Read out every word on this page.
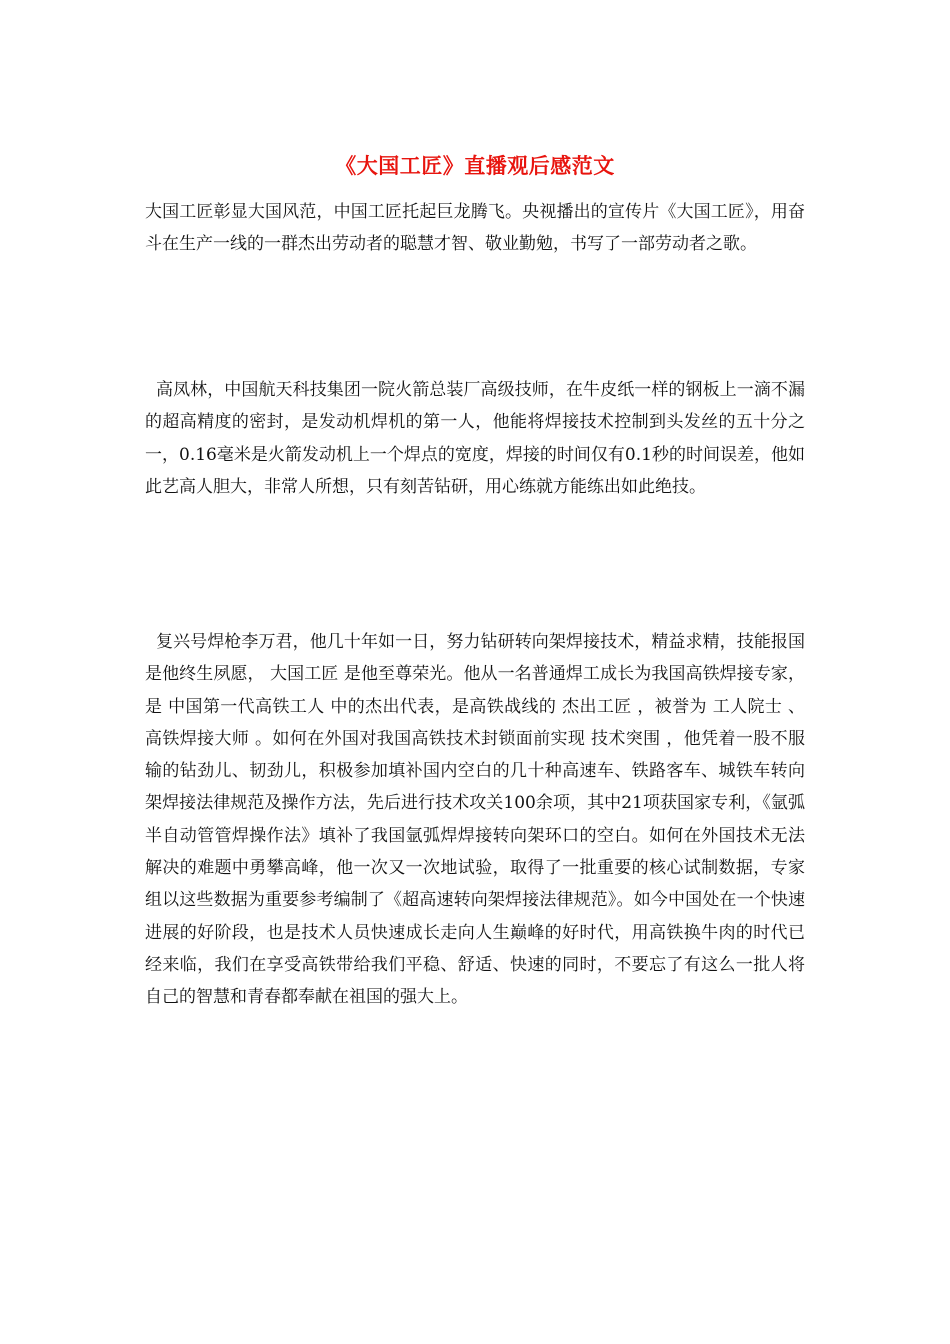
《大国工匠》直播观后感范文

大国工匠彰显大国风范，中国工匠托起巨龙腾飞。央视播出的宣传片《大国工匠》，用奋斗在生产一线的一群杰出劳动者的聪慧才智、敬业勤勉，书写了一部劳动者之歌。

高凤林，中国航天科技集团一院火箭总装厂高级技师，在牛皮纸一样的钢板上一滴不漏的超高精度的密封，是发动机焊机的第一人，他能将焊接技术控制到头发丝的五十分之一，0.16毫米是火箭发动机上一个焊点的宽度，焊接的时间仅有0.1秒的时间误差，他如此艺高人胆大，非常人所想，只有刻苦钻研，用心练就方能练出如此绝技。

复兴号焊枪李万君，他几十年如一日，努力钻研转向架焊接技术，精益求精，技能报国 是他终生夙愿， 大国工匠 是他至尊荣光。他从一名普通焊工成长为我国高铁焊接专家，是 中国第一代高铁工人 中的杰出代表，是高铁战线的 杰出工匠 ，被誉为 工人院士 、 高铁焊接大师 。如何在外国对我国高铁技术封锁面前实现 技术突围 ，他凭着一股不服输的钻劲儿、韧劲儿，积极参加填补国内空白的几十种高速车、铁路客车、城铁车转向架焊接法律规范及操作方法，先后进行技术攻关100余项，其中21项获国家专利，《氩弧半自动管管焊操作法》填补了我国氩弧焊焊接转向架环口的空白。如何在外国技术无法解决的难题中勇攀高峰，他一次又一次地试验，取得了一批重要的核心试制数据，专家组以这些数据为重要参考编制了《超高速转向架焊接法律规范》。如今中国处在一个快速进展的好阶段，也是技术人员快速成长走向人生巅峰的好时代，用高铁换牛肉的时代已经来临，我们在享受高铁带给我们平稳、舒适、快速的同时，不要忘了有这么一批人将自己的智慧和青春都奉献在祖国的强大上。
